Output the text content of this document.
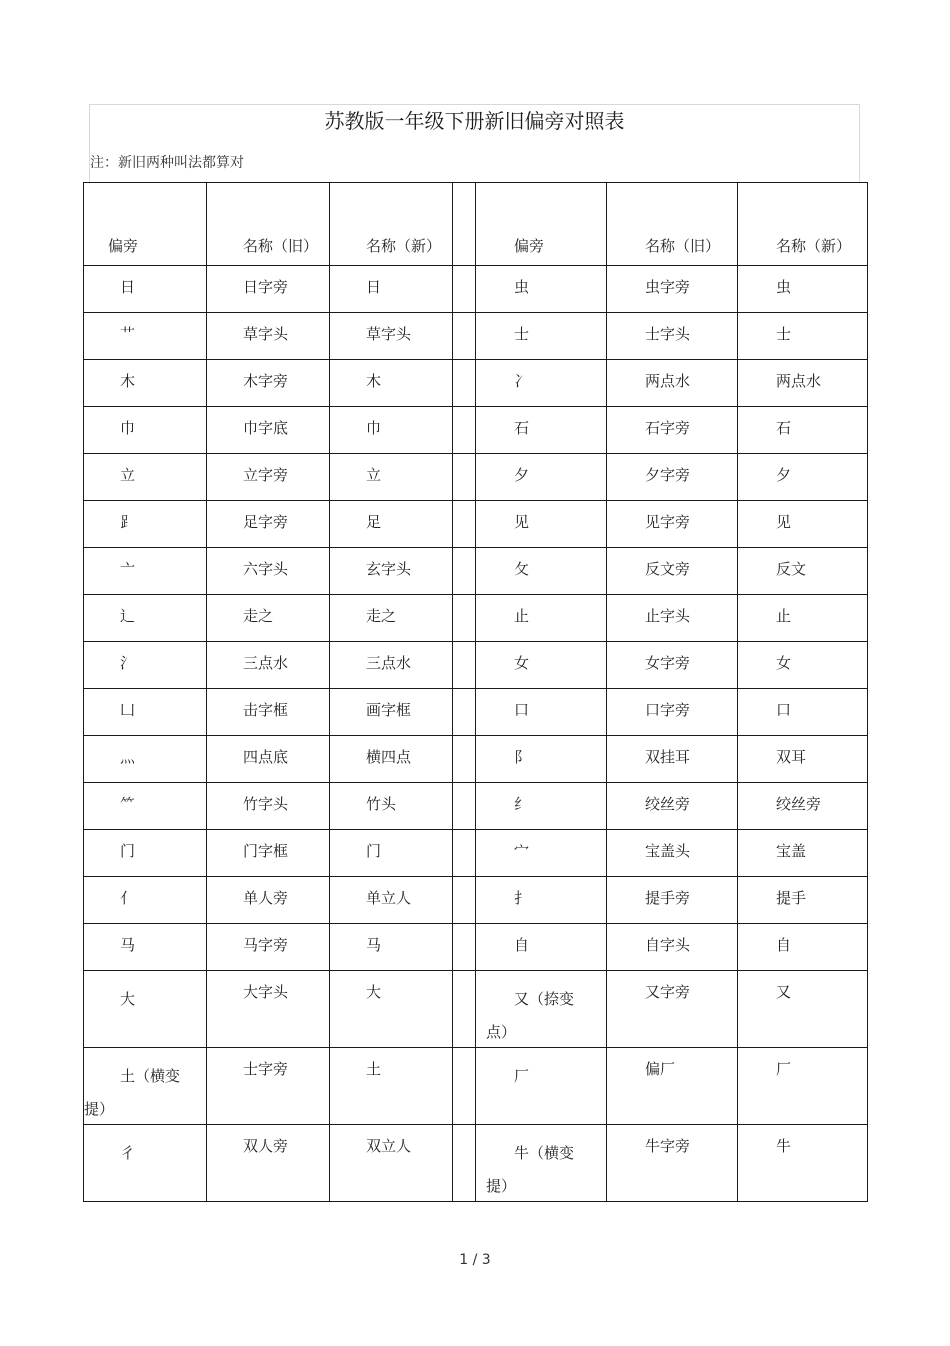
苏教版一年级下册新旧偏旁对照表
注：新旧两种叫法都算对
偏旁	名称（旧）	名称（新）		偏旁	名称（旧）	名称（新）

日	日字旁	日		虫	虫字旁	虫

艹	草字头	草字头		士	士字头	士

木	木字旁	木		冫	两点水	两点水

巾	巾字底	巾		石	石字旁	石

立	立字旁	立		夕	夕字旁	夕

⻊	足字旁	足		见	见字旁	见

亠	六字头	玄字头		攵	反文旁	反文

辶	走之	走之		止	止字头	止

氵	三点水	三点水		女	女字旁	女

凵	击字框	画字框		口	口字旁	口

灬	四点底	横四点		阝	双挂耳	双耳

⺮	竹字头	竹头		纟	绞丝旁	绞丝旁

门	门字框	门		宀	宝盖头	宝盖

亻	单人旁	单立人		扌	提手旁	提手

马	马字旁	马		自	自字头	自

大	大字头	大		又（捺变
点）	又字旁	又

土（横变
提）	士字旁	土		厂	偏厂	厂

彳	双人旁	双立人		牛（横变
提）	牛字旁	牛
1 / 3
